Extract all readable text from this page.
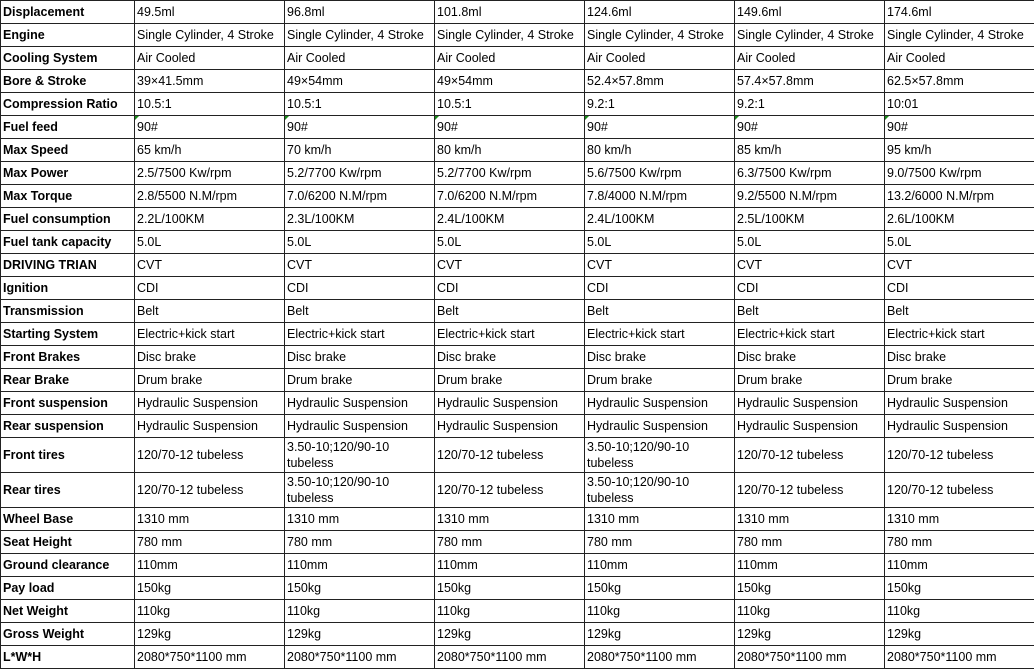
Displacement	49.5ml	96.8ml	101.8ml	124.6ml	149.6ml	174.6ml
Engine	Single Cylinder, 4 Stroke	Single Cylinder, 4 Stroke	Single Cylinder, 4 Stroke	Single Cylinder, 4 Stroke	Single Cylinder, 4 Stroke	Single Cylinder, 4 Stroke
Cooling System	Air Cooled	Air Cooled	Air Cooled	Air Cooled	Air Cooled	Air Cooled
Bore & Stroke	39×41.5mm	49×54mm	49×54mm	52.4×57.8mm	57.4×57.8mm	62.5×57.8mm
Compression Ratio	10.5:1	10.5:1	10.5:1	9.2:1	9.2:1	10:01
Fuel feed	90#	90#	90#	90#	90#	90#
Max Speed	65 km/h	70 km/h	80 km/h	80 km/h	85 km/h	95 km/h
Max Power	2.5/7500 Kw/rpm	5.2/7700 Kw/rpm	5.2/7700 Kw/rpm	5.6/7500 Kw/rpm	6.3/7500 Kw/rpm	9.0/7500 Kw/rpm
Max Torque	2.8/5500 N.M/rpm	7.0/6200 N.M/rpm	7.0/6200 N.M/rpm	7.8/4000 N.M/rpm	9.2/5500 N.M/rpm	13.2/6000 N.M/rpm
Fuel consumption	2.2L/100KM	2.3L/100KM	2.4L/100KM	2.4L/100KM	2.5L/100KM	2.6L/100KM
Fuel tank capacity	5.0L	5.0L	5.0L	5.0L	5.0L	5.0L
DRIVING TRIAN	CVT	CVT	CVT	CVT	CVT	CVT
Ignition	CDI	CDI	CDI	CDI	CDI	CDI
Transmission	Belt	Belt	Belt	Belt	Belt	Belt
Starting System	Electric+kick start	Electric+kick start	Electric+kick start	Electric+kick start	Electric+kick start	Electric+kick start
Front Brakes	Disc brake	Disc brake	Disc brake	Disc brake	Disc brake	Disc brake
Rear Brake	Drum brake	Drum brake	Drum brake	Drum brake	Drum brake	Drum brake
Front suspension	Hydraulic Suspension	Hydraulic Suspension	Hydraulic Suspension	Hydraulic Suspension	Hydraulic Suspension	Hydraulic Suspension
Rear suspension	Hydraulic Suspension	Hydraulic Suspension	Hydraulic Suspension	Hydraulic Suspension	Hydraulic Suspension	Hydraulic Suspension
Front tires	120/70-12 tubeless	3.50-10;120/90-10 tubeless	120/70-12 tubeless	3.50-10;120/90-10 tubeless	120/70-12 tubeless	120/70-12 tubeless
Rear tires	120/70-12 tubeless	3.50-10;120/90-10 tubeless	120/70-12 tubeless	3.50-10;120/90-10 tubeless	120/70-12 tubeless	120/70-12 tubeless
Wheel Base	1310 mm	1310 mm	1310 mm	1310 mm	1310 mm	1310 mm
Seat Height	780 mm	780 mm	780 mm	780 mm	780 mm	780 mm
Ground clearance	110mm	110mm	110mm	110mm	110mm	110mm
Pay load	150kg	150kg	150kg	150kg	150kg	150kg
Net Weight	110kg	110kg	110kg	110kg	110kg	110kg
Gross Weight	129kg	129kg	129kg	129kg	129kg	129kg
L*W*H	2080*750*1100 mm	2080*750*1100 mm	2080*750*1100 mm	2080*750*1100 mm	2080*750*1100 mm	2080*750*1100 mm
